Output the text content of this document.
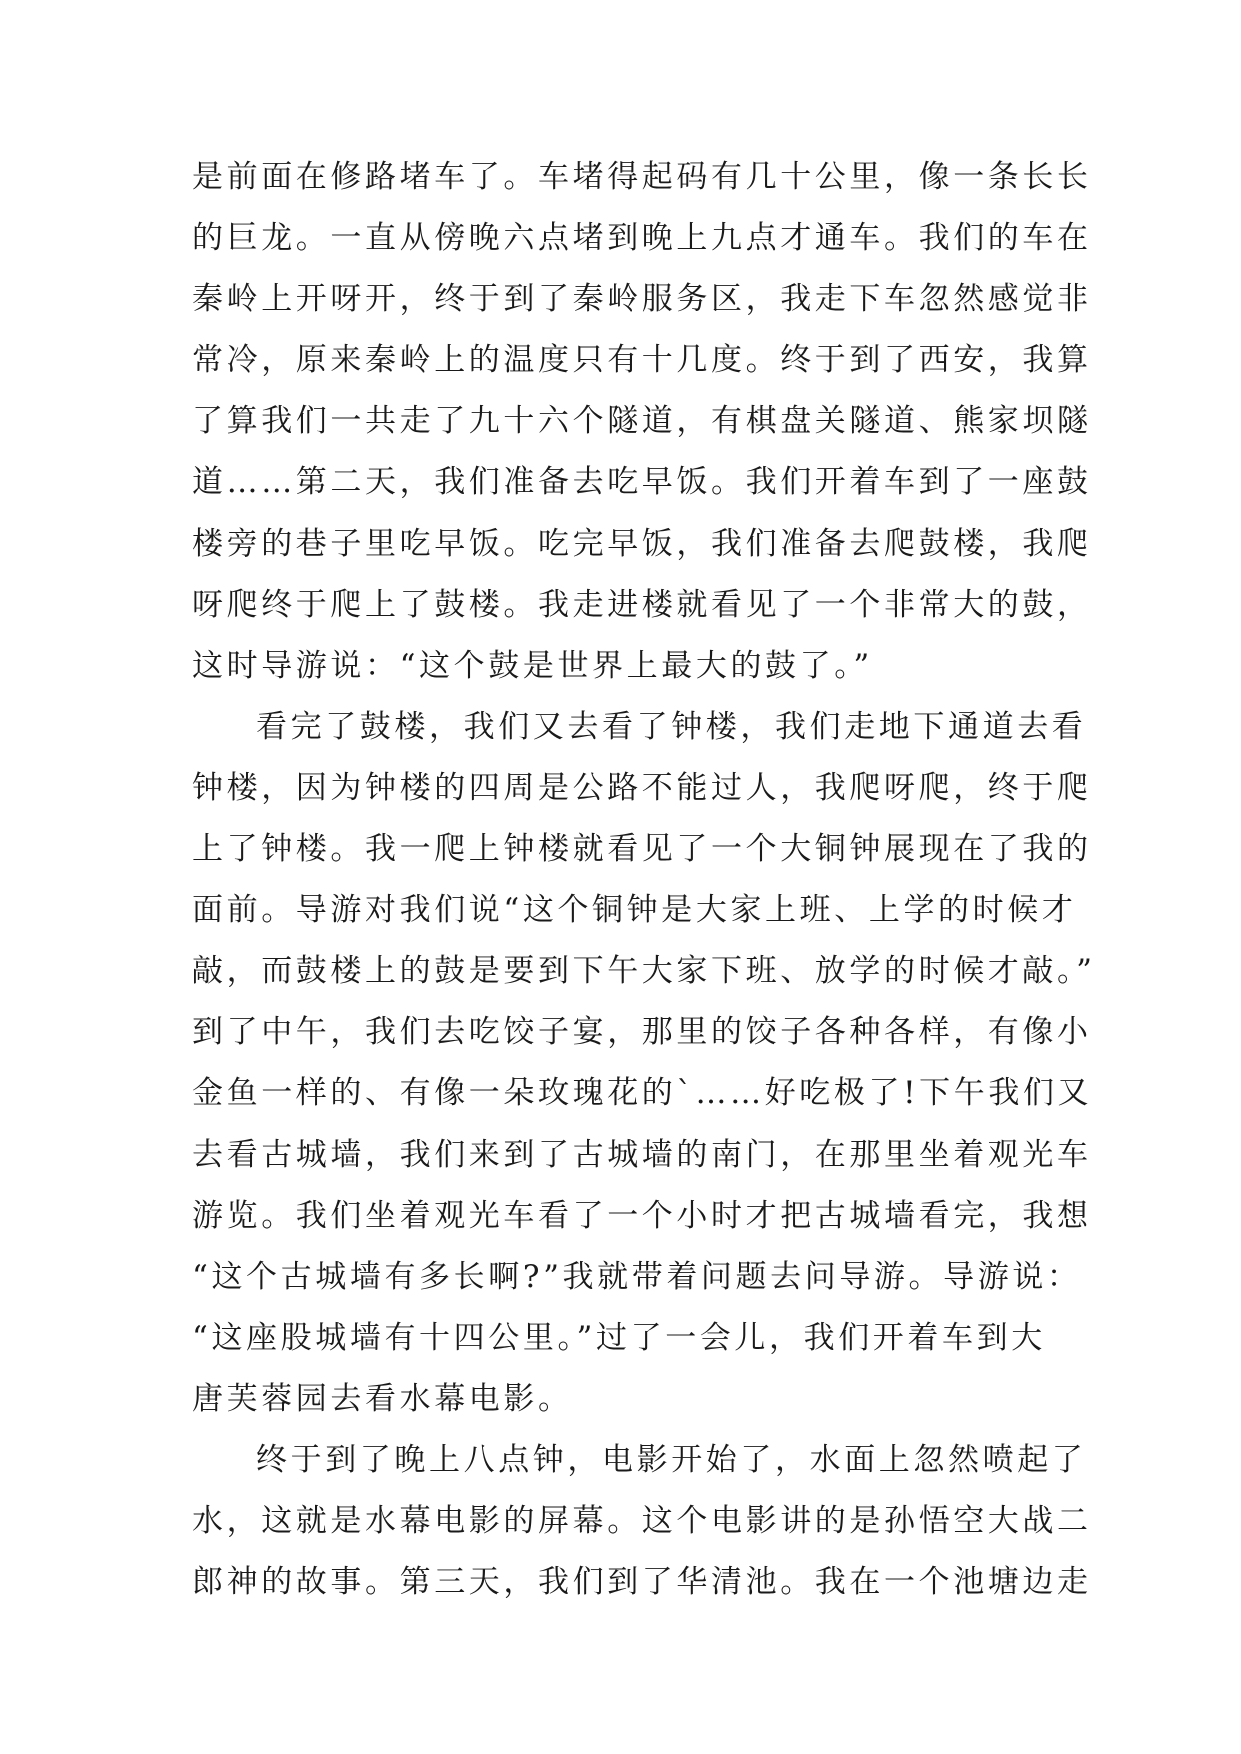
是前面在修路堵车了。车堵得起码有几十公里，像一条长长
的巨龙。一直从傍晚六点堵到晚上九点才通车。我们的车在
秦岭上开呀开，终于到了秦岭服务区，我走下车忽然感觉非
常冷，原来秦岭上的温度只有十几度。终于到了西安，我算
了算我们一共走了九十六个隧道，有棋盘关隧道、熊家坝隧
道……第二天，我们准备去吃早饭。我们开着车到了一座鼓
楼旁的巷子里吃早饭。吃完早饭，我们准备去爬鼓楼，我爬
呀爬终于爬上了鼓楼。我走进楼就看见了一个非常大的鼓，
这时导游说：“这个鼓是世界上最大的鼓了。”
看完了鼓楼，我们又去看了钟楼，我们走地下通道去看
钟楼，因为钟楼的四周是公路不能过人，我爬呀爬，终于爬
上了钟楼。我一爬上钟楼就看见了一个大铜钟展现在了我的
面前。导游对我们说“这个铜钟是大家上班、上学的时候才
敲，而鼓楼上的鼓是要到下午大家下班、放学的时候才敲。”
到了中午，我们去吃饺子宴，那里的饺子各种各样，有像小
金鱼一样的、有像一朵玫瑰花的`……好吃极了!下午我们又
去看古城墙，我们来到了古城墙的南门，在那里坐着观光车
游览。我们坐着观光车看了一个小时才把古城墙看完，我想
“这个古城墙有多长啊?”我就带着问题去问导游。导游说：
“这座股城墙有十四公里。”过了一会儿，我们开着车到大
唐芙蓉园去看水幕电影。
终于到了晚上八点钟，电影开始了，水面上忽然喷起了
水，这就是水幕电影的屏幕。这个电影讲的是孙悟空大战二
郎神的故事。第三天，我们到了华清池。我在一个池塘边走
